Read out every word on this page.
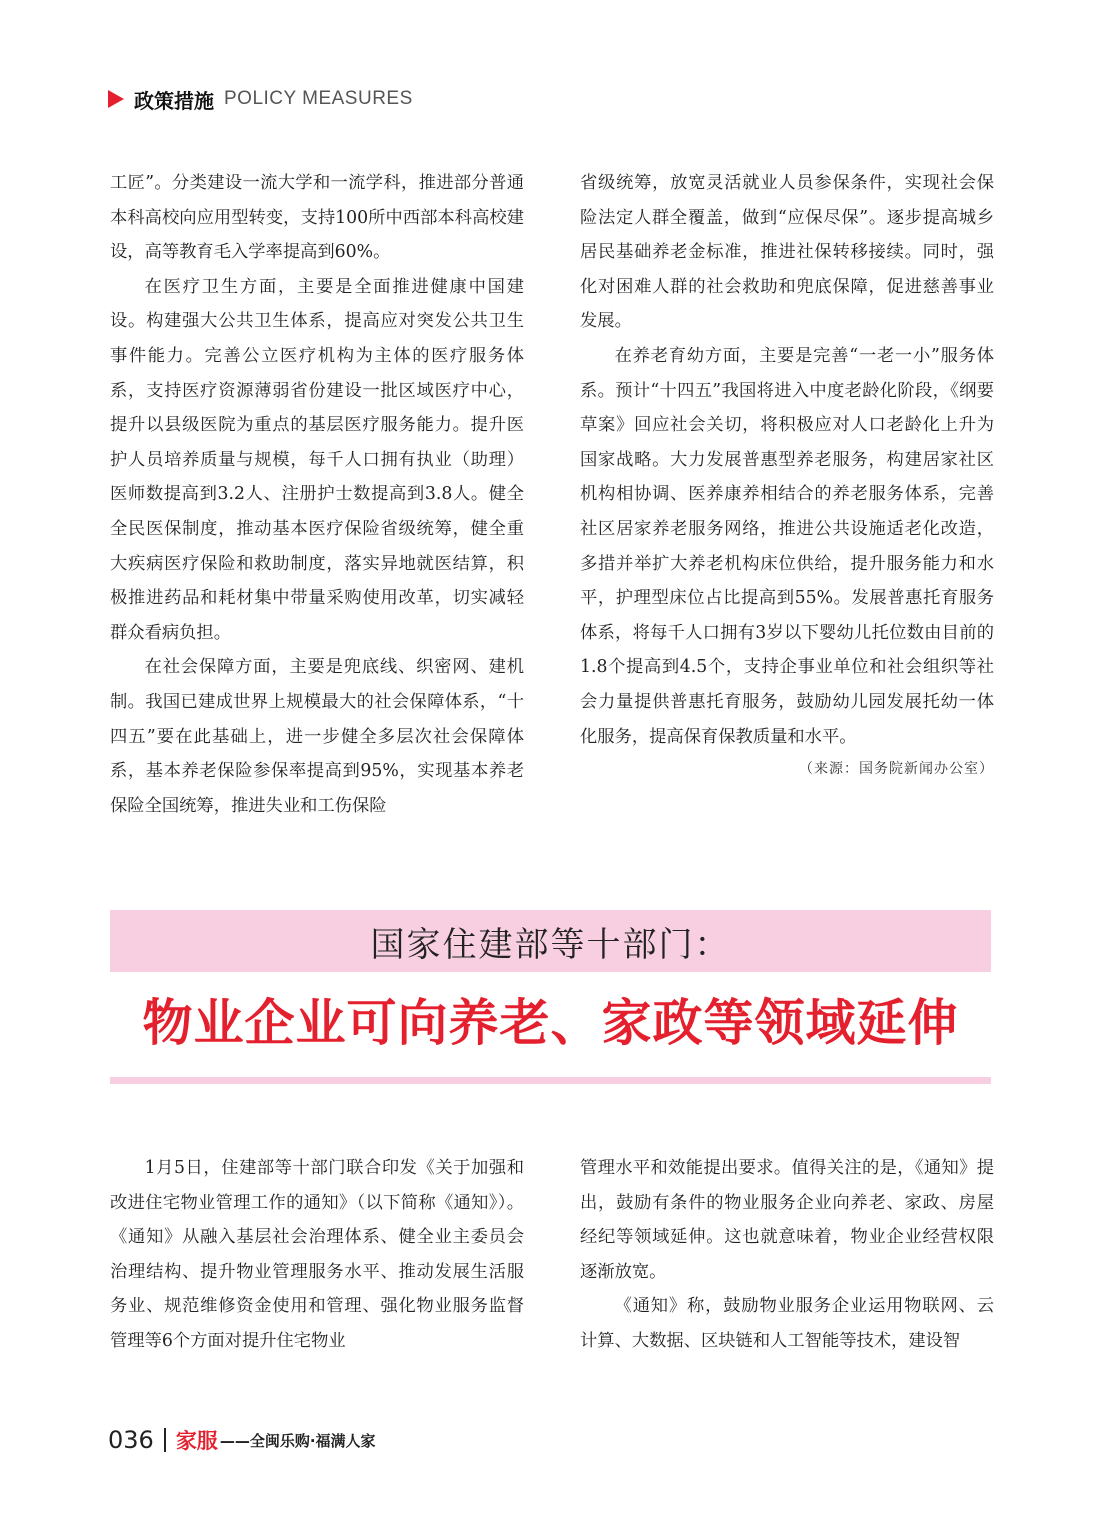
政策措施 POLICY MEASURES

工匠”。分类建设一流大学和一流学科，推进部分普通本科高校向应用型转变，支持100所中西部本科高校建设，高等教育毛入学率提高到60%。

在医疗卫生方面，主要是全面推进健康中国建设。构建强大公共卫生体系，提高应对突发公共卫生事件能力。完善公立医疗机构为主体的医疗服务体系，支持医疗资源薄弱省份建设一批区域医疗中心，提升以县级医院为重点的基层医疗服务能力。提升医护人员培养质量与规模，每千人口拥有执业（助理）医师数提高到3.2人、注册护士数提高到3.8人。健全全民医保制度，推动基本医疗保险省级统筹，健全重大疾病医疗保险和救助制度，落实异地就医结算，积极推进药品和耗材集中带量采购使用改革，切实减轻群众看病负担。

在社会保障方面，主要是兜底线、织密网、建机制。我国已建成世界上规模最大的社会保障体系，“十四五”要在此基础上，进一步健全多层次社会保障体系，基本养老保险参保率提高到95%，实现基本养老保险全国统筹，推进失业和工伤保险

省级统筹，放宽灵活就业人员参保条件，实现社会保险法定人群全覆盖，做到“应保尽保”。逐步提高城乡居民基础养老金标准，推进社保转移接续。同时，强化对困难人群的社会救助和兜底保障，促进慈善事业发展。

在养老育幼方面，主要是完善“一老一小”服务体系。预计“十四五”我国将进入中度老龄化阶段，《纲要草案》回应社会关切，将积极应对人口老龄化上升为国家战略。大力发展普惠型养老服务，构建居家社区机构相协调、医养康养相结合的养老服务体系，完善社区居家养老服务网络，推进公共设施适老化改造，多措并举扩大养老机构床位供给，提升服务能力和水平，护理型床位占比提高到55%。发展普惠托育服务体系，将每千人口拥有3岁以下婴幼儿托位数由目前的1.8个提高到4.5个，支持企事业单位和社会组织等社会力量提供普惠托育服务，鼓励幼儿园发展托幼一体化服务，提高保育保教质量和水平。

（来源：国务院新闻办公室）
国家住建部等十部门：
物业企业可向养老、家政等领域延伸

1月5日，住建部等十部门联合印发《关于加强和改进住宅物业管理工作的通知》（以下简称《通知》）。《通知》从融入基层社会治理体系、健全业主委员会治理结构、提升物业管理服务水平、推动发展生活服务业、规范维修资金使用和管理、强化物业服务监督管理等6个方面对提升住宅物业

管理水平和效能提出要求。值得关注的是，《通知》提出，鼓励有条件的物业服务企业向养老、家政、房屋经纪等领域延伸。这也就意味着，物业企业经营权限逐渐放宽。

《通知》称，鼓励物业服务企业运用物联网、云计算、大数据、区块链和人工智能等技术，建设智

036 家服 ——全闽乐购·福满人家
